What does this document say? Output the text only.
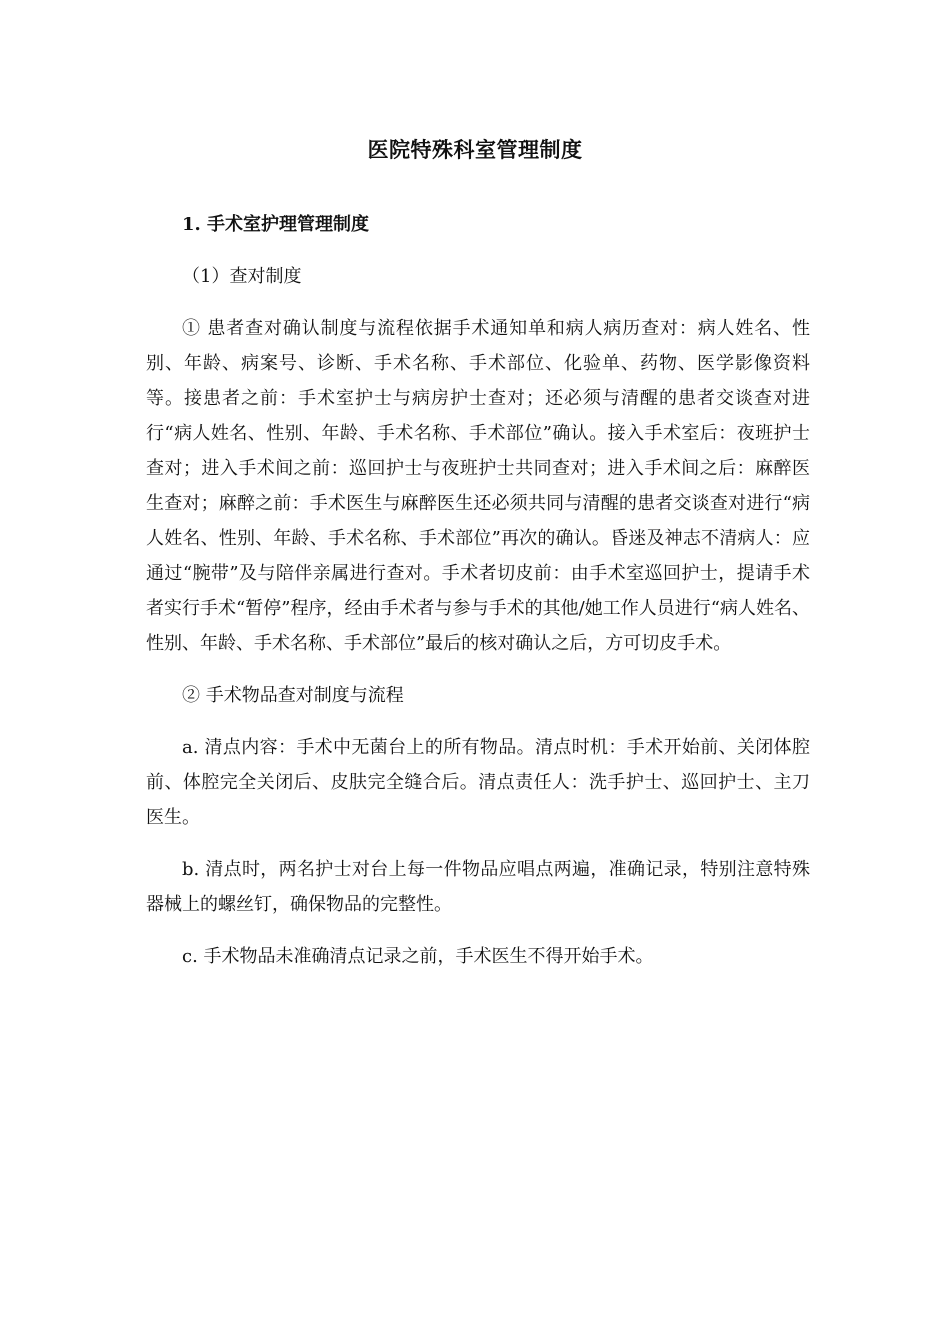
医院特殊科室管理制度

1. 手术室护理管理制度

（1）查对制度

① 患者查对确认制度与流程依据手术通知单和病人病历查对：病人姓名、性别、年龄、病案号、诊断、手术名称、手术部位、化验单、药物、医学影像资料等。接患者之前：手术室护士与病房护士查对；还必须与清醒的患者交谈查对进行“病人姓名、性别、年龄、手术名称、手术部位”确认。接入手术室后：夜班护士查对；进入手术间之前：巡回护士与夜班护士共同查对；进入手术间之后：麻醉医生查对；麻醉之前：手术医生与麻醉医生还必须共同与清醒的患者交谈查对进行“病人姓名、性别、年龄、手术名称、手术部位”再次的确认。昏迷及神志不清病人：应通过“腕带”及与陪伴亲属进行查对。手术者切皮前：由手术室巡回护士，提请手术者实行手术“暂停”程序，经由手术者与参与手术的其他/她工作人员进行“病人姓名、性别、年龄、手术名称、手术部位”最后的核对确认之后，方可切皮手术。

② 手术物品查对制度与流程

a. 清点内容：手术中无菌台上的所有物品。清点时机：手术开始前、关闭体腔前、体腔完全关闭后、皮肤完全缝合后。清点责任人：洗手护士、巡回护士、主刀医生。

b. 清点时，两名护士对台上每一件物品应唱点两遍，准确记录，特别注意特殊器械上的螺丝钉，确保物品的完整性。

c. 手术物品未准确清点记录之前，手术医生不得开始手术。
